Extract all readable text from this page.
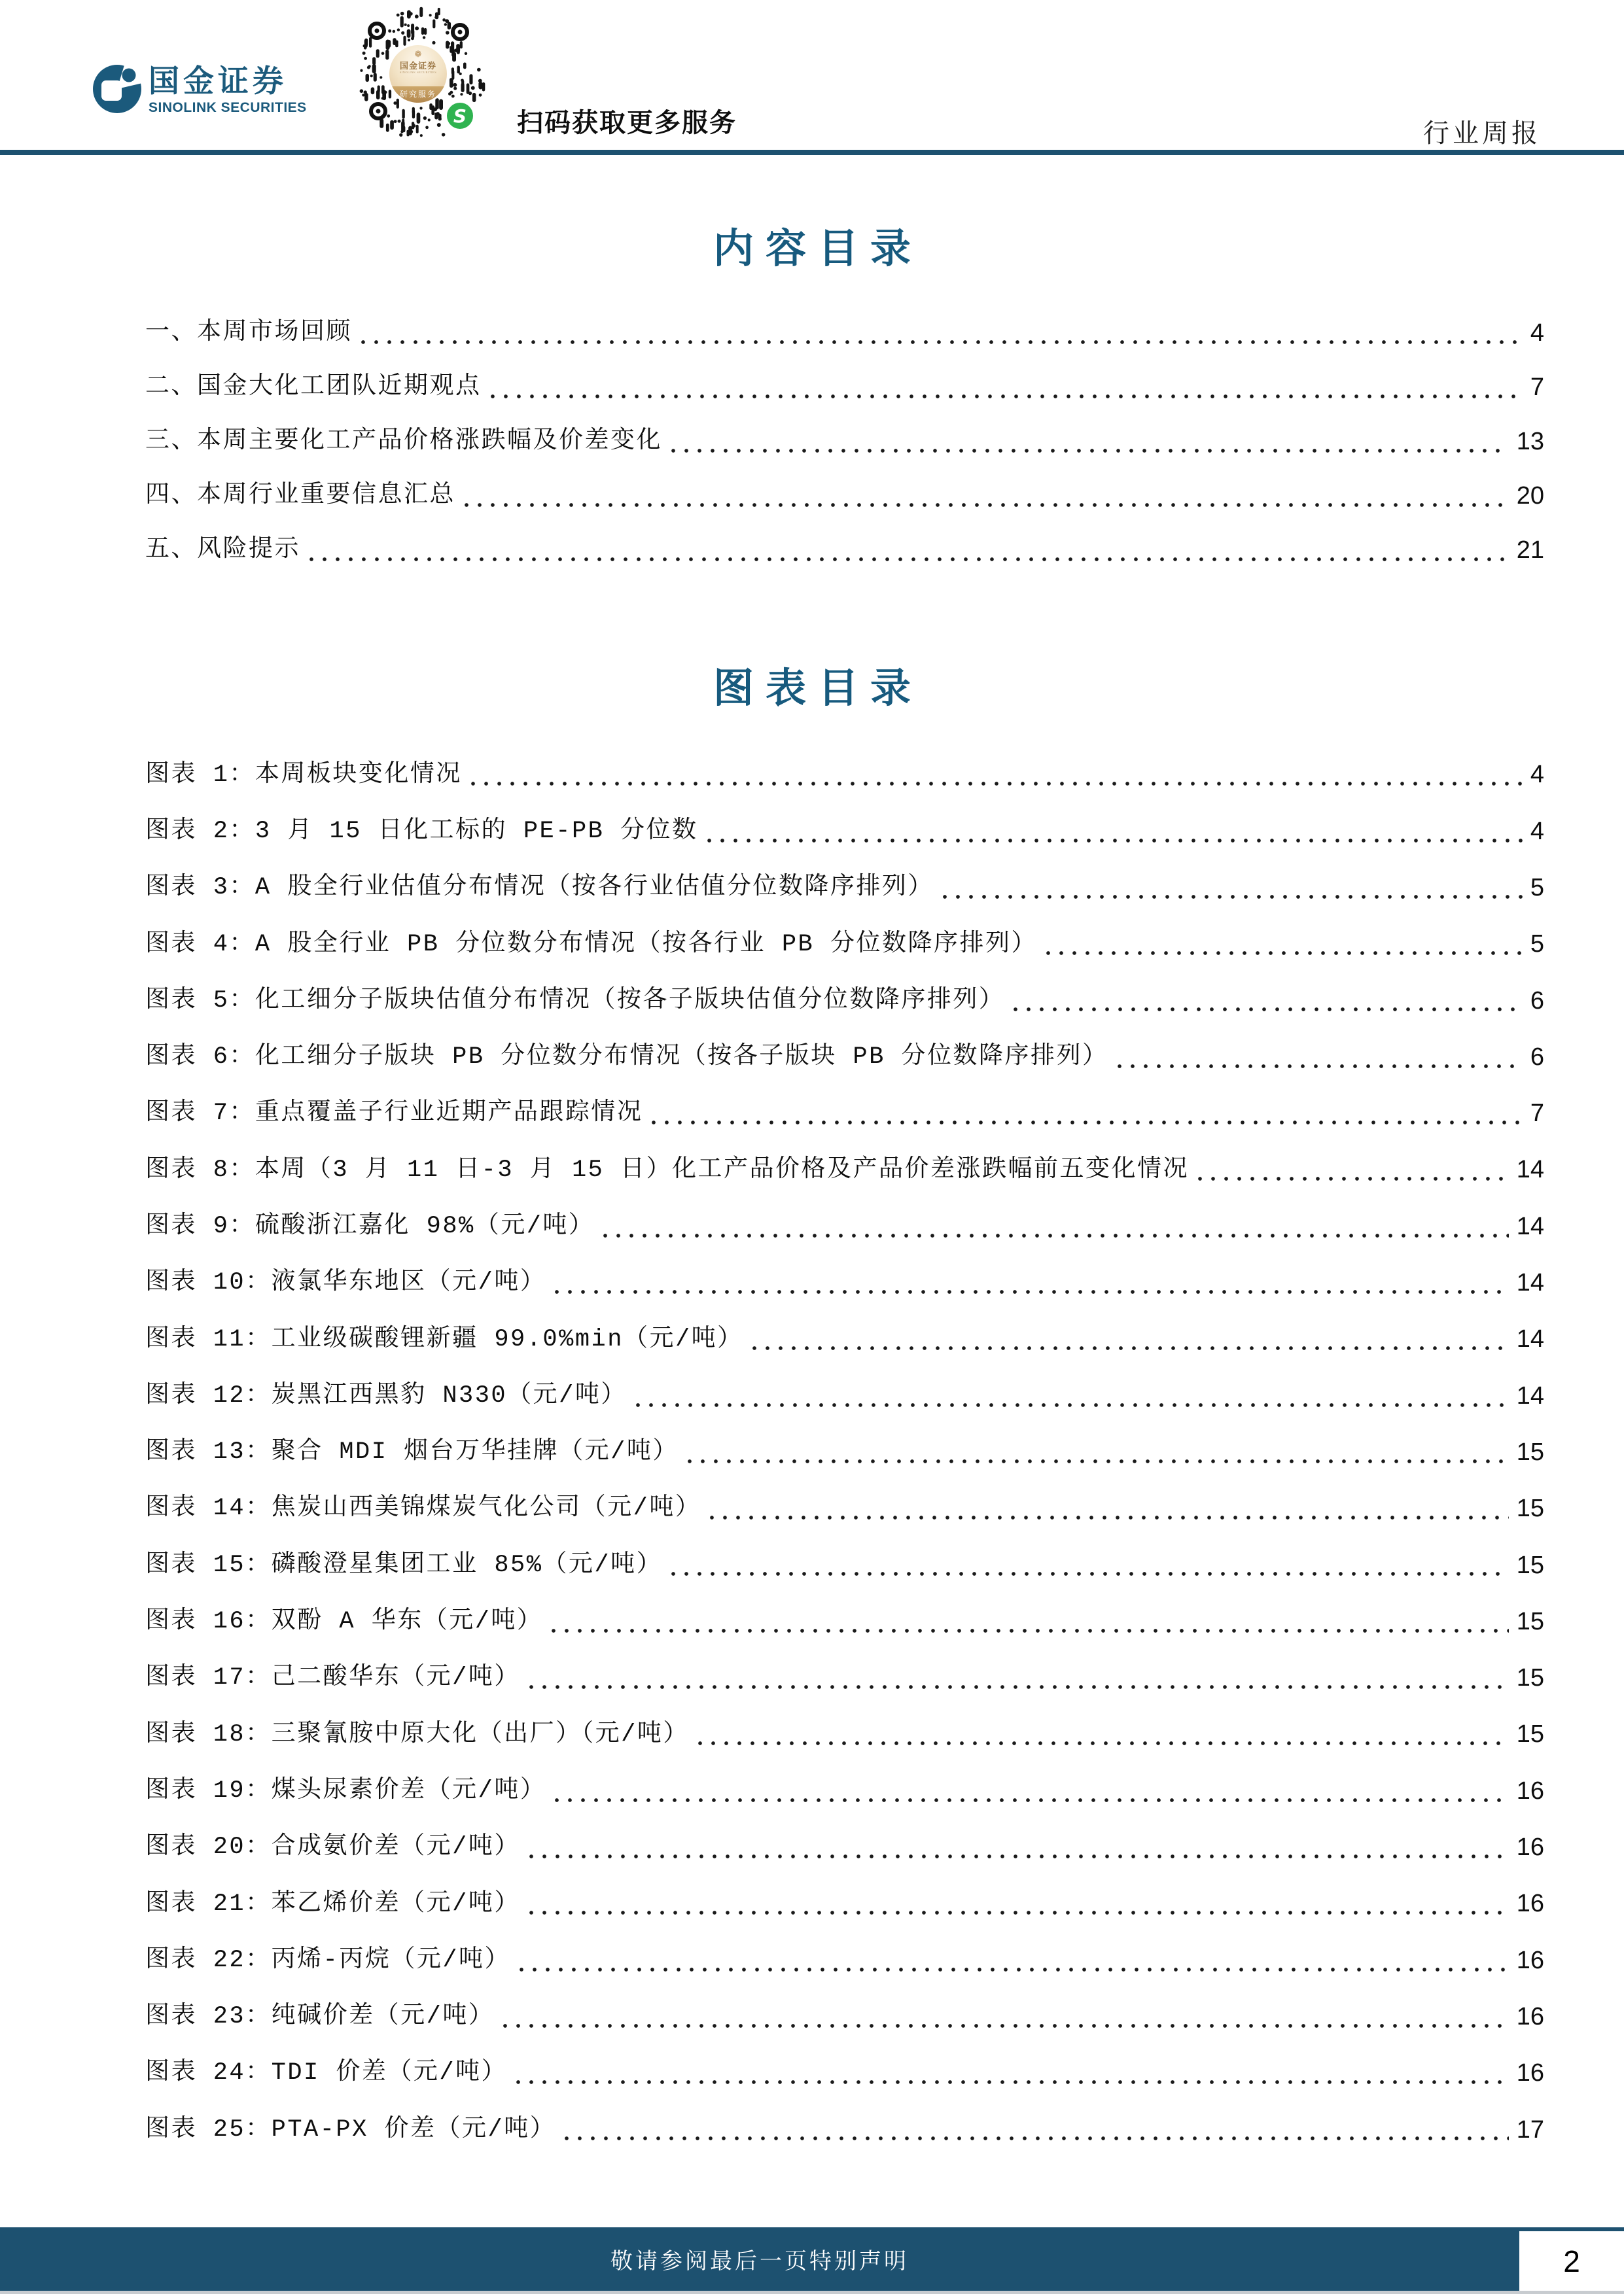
国金证券
SINOLINK SECURITIES
❁
国金证券
SINOLINK SECURITIES
研究服务
S	扫码获取更多服务	行业周报
内容目录
一、本周市场回顾	4
二、国金大化工团队近期观点	7
三、本周主要化工产品价格涨跌幅及价差变化	13
四、本周行业重要信息汇总	20
五、风险提示	21
图表目录
图表 1：本周板块变化情况	4
图表 2：3 月 15 日化工标的 PE-PB 分位数	4
图表 3：A 股全行业估值分布情况（按各行业估值分位数降序排列）	5
图表 4：A 股全行业 PB 分位数分布情况（按各行业 PB 分位数降序排列）	5
图表 5：化工细分子版块估值分布情况（按各子版块估值分位数降序排列）	6
图表 6：化工细分子版块 PB 分位数分布情况（按各子版块 PB 分位数降序排列）	6
图表 7：重点覆盖子行业近期产品跟踪情况	7
图表 8：本周（3 月 11 日-3 月 15 日）化工产品价格及产品价差涨跌幅前五变化情况	14
图表 9：硫酸浙江嘉化 98%（元/吨）	14
图表 10：液氯华东地区（元/吨）	14
图表 11：工业级碳酸锂新疆 99.0%min（元/吨）	14
图表 12：炭黑江西黑豹 N330（元/吨）	14
图表 13：聚合 MDI 烟台万华挂牌（元/吨）	15
图表 14：焦炭山西美锦煤炭气化公司（元/吨）	15
图表 15：磷酸澄星集团工业 85%（元/吨）	15
图表 16：双酚 A 华东（元/吨）	15
图表 17：己二酸华东（元/吨）	15
图表 18：三聚氰胺中原大化（出厂）（元/吨）	15
图表 19：煤头尿素价差（元/吨）	16
图表 20：合成氨价差（元/吨）	16
图表 21：苯乙烯价差（元/吨）	16
图表 22：丙烯-丙烷（元/吨）	16
图表 23：纯碱价差（元/吨）	16
图表 24：TDI 价差（元/吨）	16
图表 25：PTA-PX 价差（元/吨）	17
敬请参阅最后一页特别声明	2
